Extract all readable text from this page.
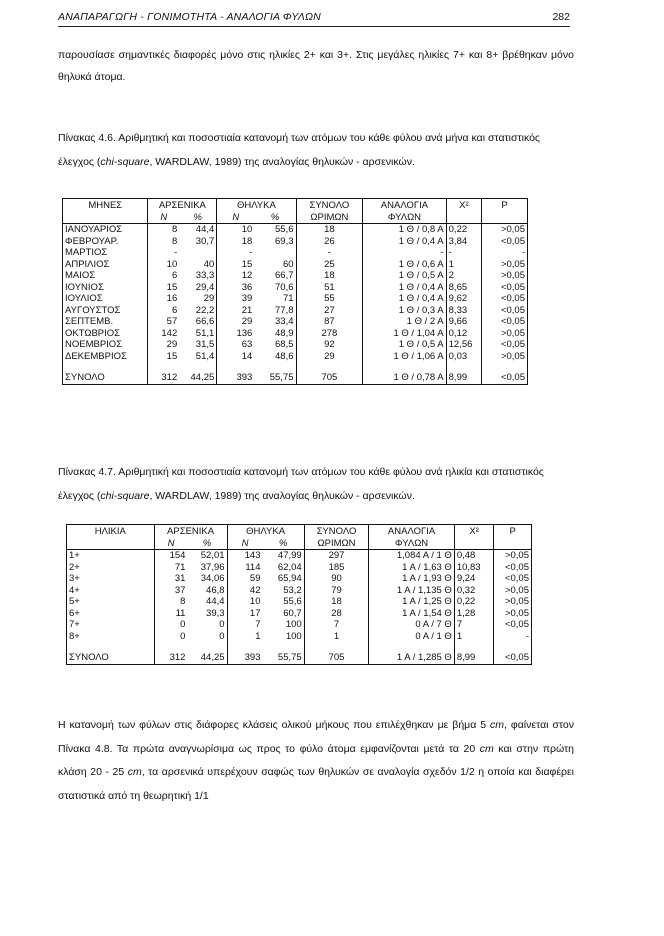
ΑΝΑΠΑΡΑΓΩΓΗ - ΓΟΝΙΜΟΤΗΤΑ - ΑΝΑΛΟΓΙΑ ΦΥΛΩΝ	282
παρουσίασε σημαντικές διαφορές μόνο στις ηλικίες 2+ και 3+. Στις μεγάλες ηλικίες 7+ και 8+ βρέθηκαν μόνο θηλυκά άτομα.
Πίνακας 4.6. Αριθμητική και ποσοστιαία κατανομή των ατόμων του κάθε φύλου ανά μήνα και στατιστικός έλεγχος (chi-square, WARDLAW, 1989) της αναλογίας θηλυκών - αρσενικών.
ΜΗΝΕΣ	ΑΡΣΕΝΙΚΑ		ΘΗΛΥΚΑ		ΣΥΝΟΛΟ	ΑΝΑΛΟΓΙΑ	X²	P
	N	%	N	%	ΩΡΙΜΩΝ	ΦΥΛΩΝ		
ΙΑΝΟΥΑΡΙΟΣ	8	44,4	10	55,6	18	1 Θ / 0,8 Α	0,22	>0,05
ΦΕΒΡΟΥΑΡ.	8	30,7	18	69,3	26	1 Θ / 0,4 Α	3,84	<0,05
ΜΑΡΤΙΟΣ	-		-		-	-	-	-
ΑΠΡΙΛΙΟΣ	10	40	15	60	25	1 Θ / 0,6 Α	1	>0,05
ΜΑΙΟΣ	6	33,3	12	66,7	18	1 Θ / 0,5 Α	2	>0,05
ΙΟΥΝΙΟΣ	15	29,4	36	70,6	51	1 Θ / 0,4 Α	8,65	<0,05
ΙΟΥΛΙΟΣ	16	29	39	71	55	1 Θ / 0,4 Α	9,62	<0,05
ΑΥΓΟΥΣΤΟΣ	6	22,2	21	77,8	27	1 Θ / 0,3 Α	8,33	<0,05
ΣΕΠΤΕΜΒ.	57	66,6	29	33,4	87	1 Θ / 2 Α	9,66	<0,05
ΟΚΤΩΒΡΙΟΣ	142	51,1	136	48,9	278	1 Θ / 1,04 Α	0,12	>0,05
ΝΟΕΜΒΡΙΟΣ	29	31,5	63	68,5	92	1 Θ / 0,5 Α	12,56	<0,05
ΔΕΚΕΜΒΡΙΟΣ	15	51,4	14	48,6	29	1 Θ / 1,06 Α	0,03	>0,05

ΣΥΝΟΛΟ	312	44,25	393	55,75	705	1 Θ / 0,78 Α	8,99	<0,05
Πίνακας 4.7. Αριθμητική και ποσοστιαία κατανομή των ατόμων του κάθε φύλου ανά ηλικία και στατιστικός έλεγχος (chi-square, WARDLAW, 1989) της αναλογίας θηλυκών - αρσενικών.
ΗΛΙΚΙΑ	ΑΡΣΕΝΙΚΑ		ΘΗΛΥΚΑ		ΣΥΝΟΛΟ	ΑΝΑΛΟΓΙΑ	X²	P
	N	%	N	%	ΩΡΙΜΩΝ	ΦΥΛΩΝ		
1+	154	52,01	143	47,99	297	1,084 Α / 1 Θ	0,48	>0,05
2+	71	37,96	114	62,04	185	1 Α / 1,63 Θ	10,83	<0,05
3+	31	34,06	59	65,94	90	1 Α / 1,93 Θ	9,24	<0,05
4+	37	46,8	42	53,2	79	1 Α / 1,135 Θ	0,32	>0,05
5+	8	44,4	10	55,6	18	1 Α / 1,25 Θ	0,22	>0,05
6+	11	39,3	17	60,7	28	1 Α / 1,54 Θ	1,28	>0,05
7+	0	0	7	100	7	0 Α / 7 Θ	7	<0,05
8+	0	0	1	100	1	0 Α / 1 Θ	1	-

ΣΥΝΟΛΟ	312	44,25	393	55,75	705	1 Α / 1,285 Θ	8,99	<0,05
Η κατανομή των φύλων στις διάφορες κλάσεις ολικού μήκους που επιλέχθηκαν με βήμα 5 cm, φαίνεται στον Πίνακα 4.8. Τα πρώτα αναγνωρίσιμα ως προς το φύλο άτομα εμφανίζονται μετά τα 20 cm και στην πρώτη κλάση 20 - 25 cm, τα αρσενικά υπερέχουν σαφώς των θηλυκών σε αναλογία σχεδόν 1/2 η οποία και διαφέρει στατιστικά από τη θεωρητική 1/1
